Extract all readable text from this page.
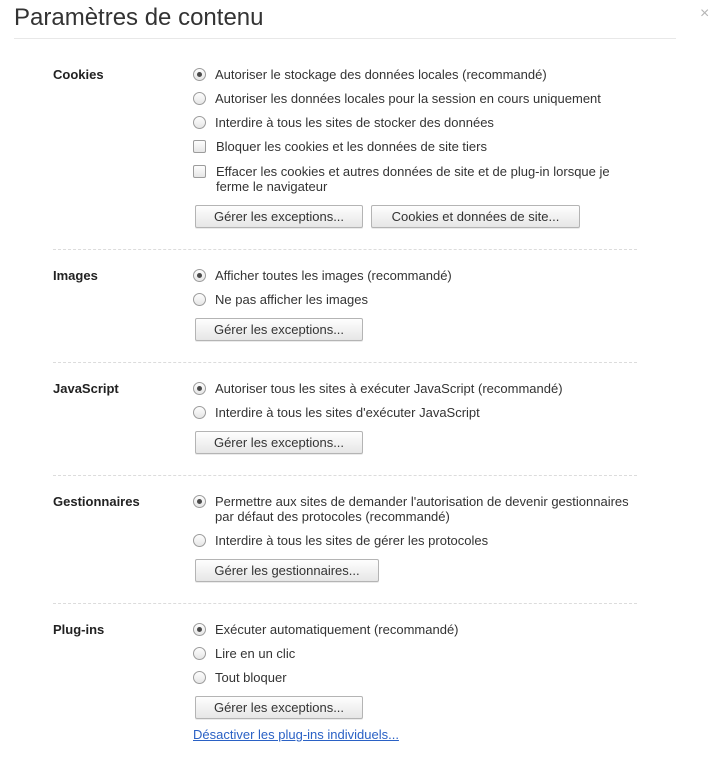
Paramètres de contenu	×
Cookies	Autoriser le stockage des données locales (recommandé)
Autoriser les données locales pour la session en cours uniquement
Interdire à tous les sites de stocker des données
Bloquer les cookies et les données de site tiers
Effacer les cookies et autres données de site et de plug-in lorsque je ferme le navigateur
Gérer les exceptions...	Cookies et données de site...
Images	Afficher toutes les images (recommandé)
Ne pas afficher les images
Gérer les exceptions...
JavaScript	Autoriser tous les sites à exécuter JavaScript (recommandé)
Interdire à tous les sites d'exécuter JavaScript
Gérer les exceptions...
Gestionnaires	Permettre aux sites de demander l'autorisation de devenir gestionnaires par défaut des protocoles (recommandé)
Interdire à tous les sites de gérer les protocoles
Gérer les gestionnaires...
Plug-ins	Exécuter automatiquement (recommandé)
Lire en un clic
Tout bloquer
Gérer les exceptions...
Désactiver les plug-ins individuels...
